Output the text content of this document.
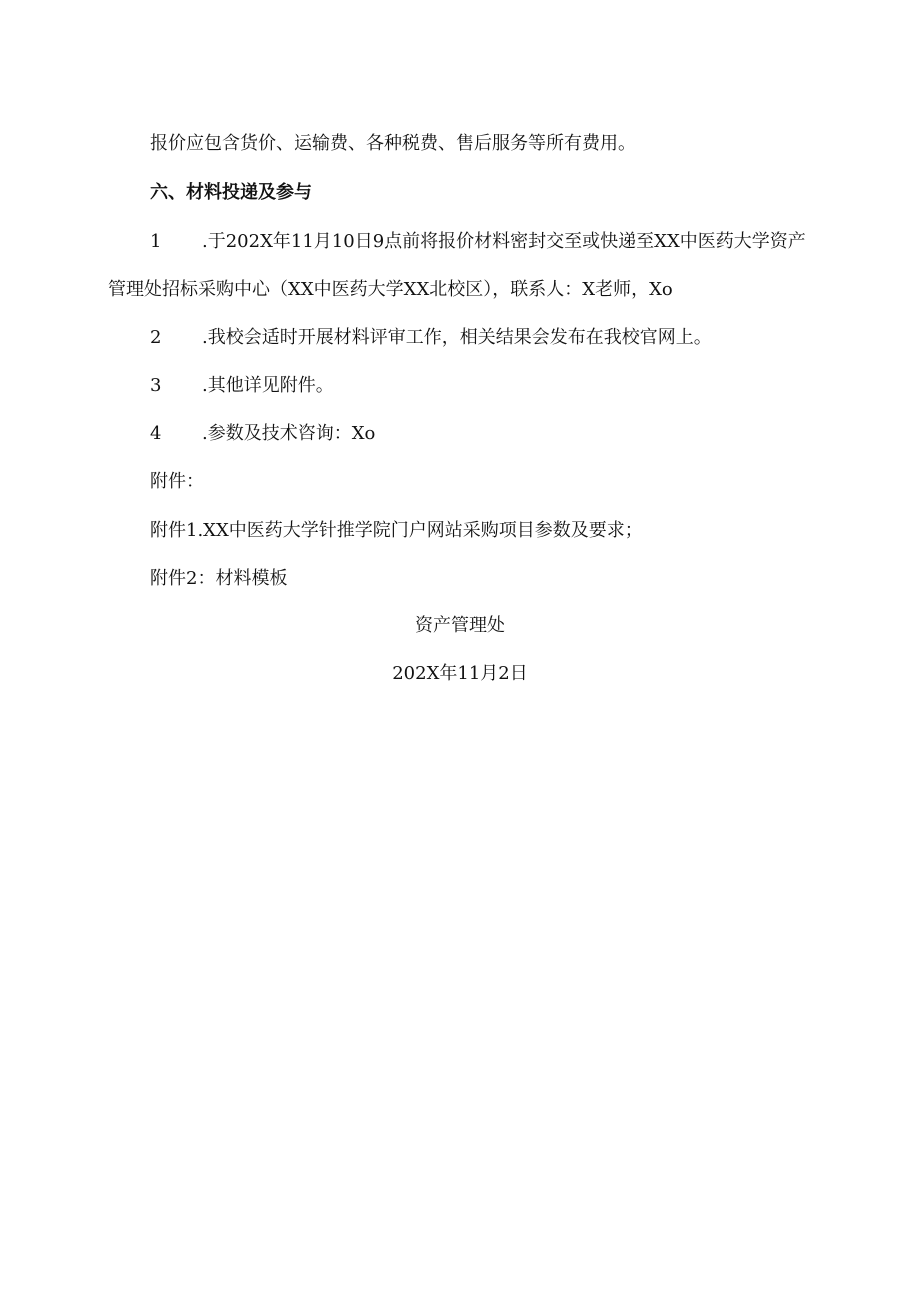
报价应包含货价、运输费、各种税费、售后服务等所有费用。
六、材料投递及参与
1 .于202X年11月10日9点前将报价材料密封交至或快递至XX中医药大学资产
管理处招标采购中心（XX中医药大学XX北校区），联系人：X老师，Xo
2 .我校会适时开展材料评审工作，相关结果会发布在我校官网上。
3 .其他详见附件。
4 .参数及技术咨询：Xo
附件：
附件1.XX中医药大学针推学院门户网站采购项目参数及要求；
附件2：材料模板
资产管理处
202X年11月2日
